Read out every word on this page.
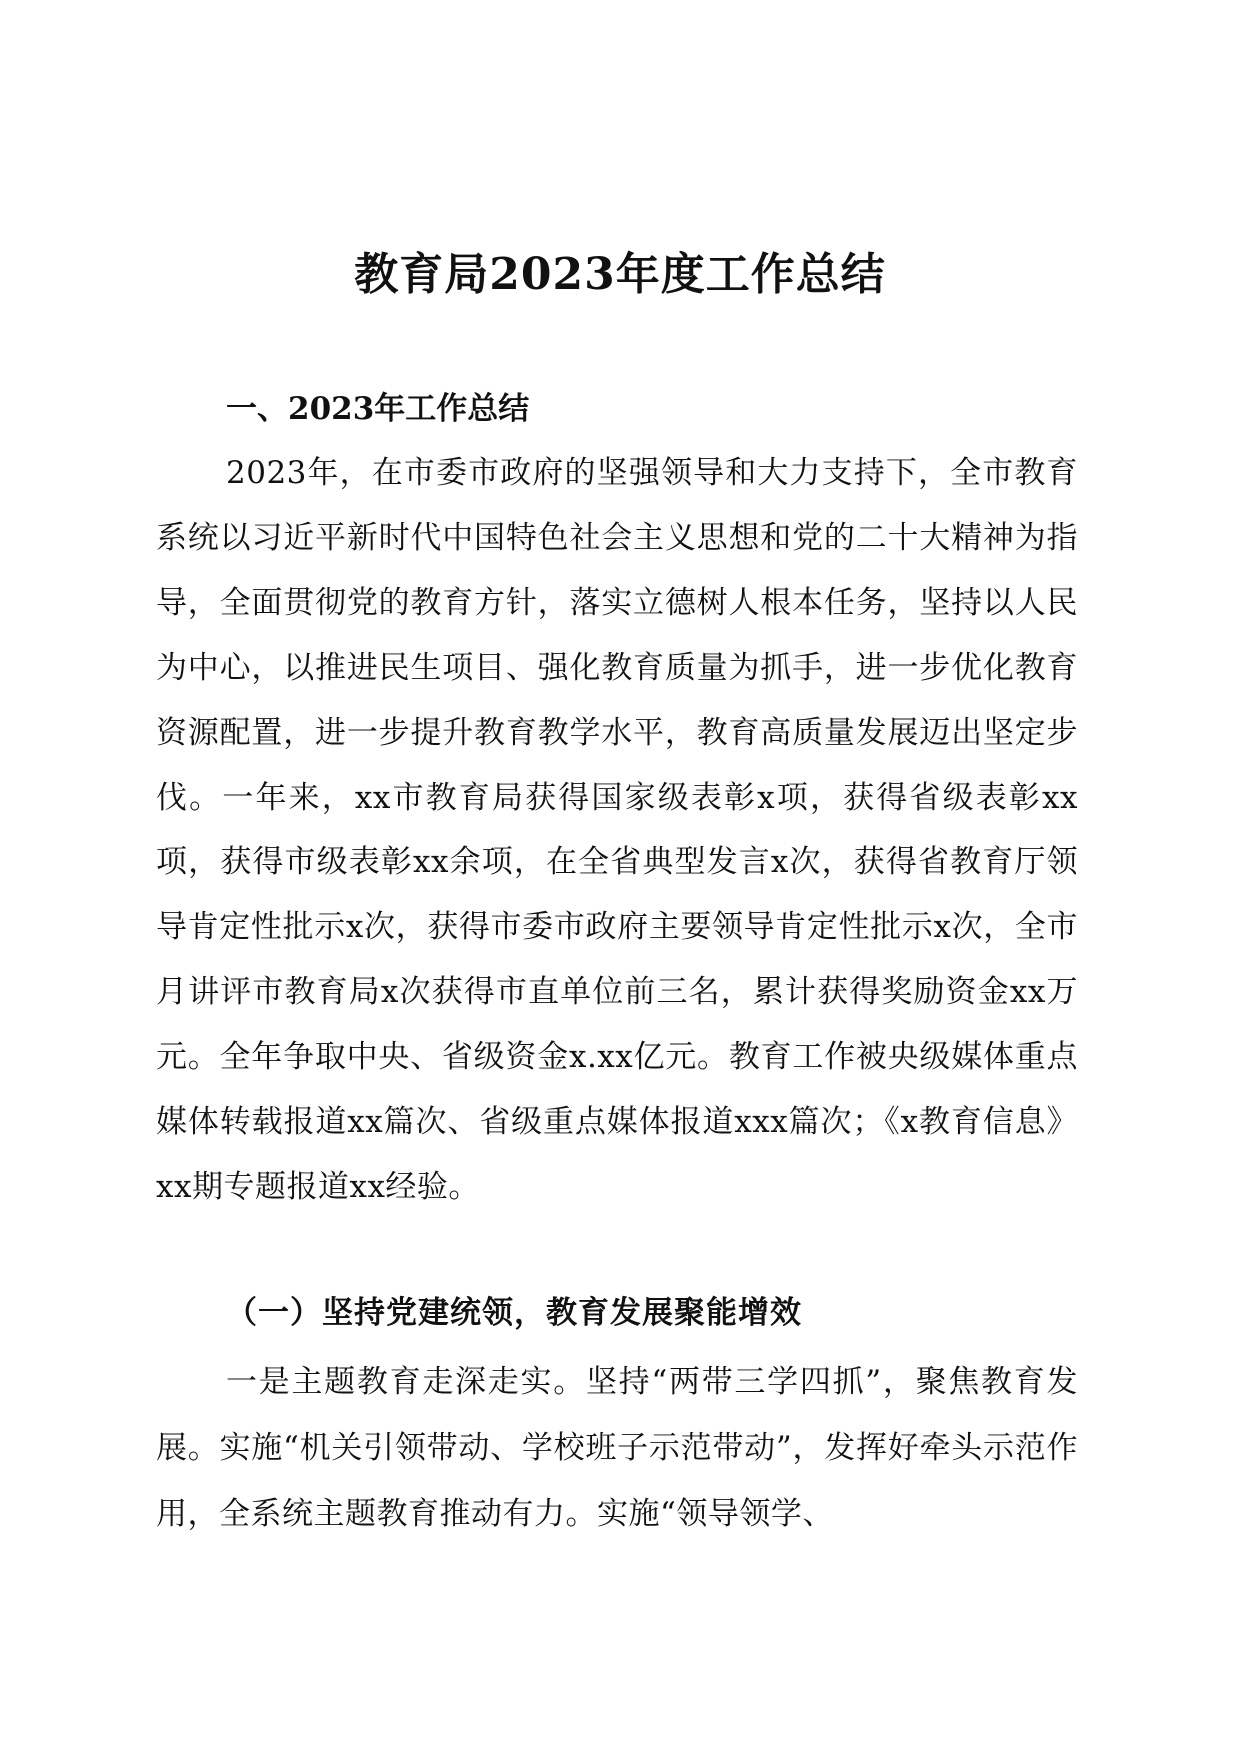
教育局2023年度工作总结
一、2023年工作总结

2023年，在市委市政府的坚强领导和大力支持下，全市教育系统以习近平新时代中国特色社会主义思想和党的二十大精神为指导，全面贯彻党的教育方针，落实立德树人根本任务，坚持以人民为中心，以推进民生项目、强化教育质量为抓手，进一步优化教育资源配置，进一步提升教育教学水平，教育高质量发展迈出坚定步伐。一年来，xx市教育局获得国家级表彰x项，获得省级表彰xx项，获得市级表彰xx余项，在全省典型发言x次，获得省教育厅领导肯定性批示x次，获得市委市政府主要领导肯定性批示x次，全市月讲评市教育局x次获得市直单位前三名，累计获得奖励资金xx万元。全年争取中央、省级资金x.xx亿元。教育工作被央级媒体重点媒体转载报道xx篇次、省级重点媒体报道xxx篇次；《x教育信息》xx期专题报道xx经验。

（一）坚持党建统领，教育发展聚能增效

一是主题教育走深走实。坚持“两带三学四抓”，聚焦教育发展。实施“机关引领带动、学校班子示范带动”，发挥好牵头示范作用，全系统主题教育推动有力。实施“领导领学、
